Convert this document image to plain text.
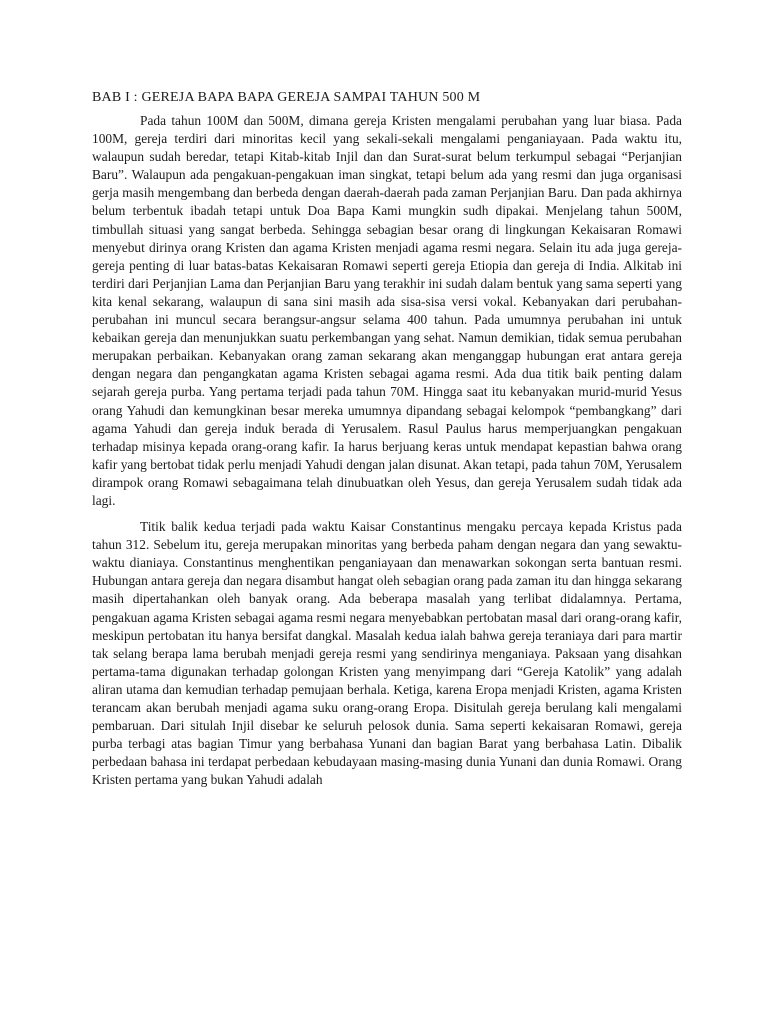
BAB I : GEREJA BAPA BAPA GEREJA SAMPAI TAHUN 500 M

Pada tahun 100M dan 500M, dimana gereja Kristen mengalami perubahan yang luar biasa. Pada 100M, gereja terdiri dari minoritas kecil yang sekali-sekali mengalami penganiayaan. Pada waktu itu, walaupun sudah beredar, tetapi Kitab-kitab Injil dan dan Surat-surat belum terkumpul sebagai “Perjanjian Baru”. Walaupun ada pengakuan-pengakuan iman singkat, tetapi belum ada yang resmi dan juga organisasi gerja masih mengembang dan berbeda dengan daerah-daerah pada zaman Perjanjian Baru. Dan pada akhirnya belum terbentuk ibadah tetapi untuk Doa Bapa Kami mungkin sudh dipakai. Menjelang tahun 500M, timbullah situasi yang sangat berbeda. Sehingga sebagian besar orang di lingkungan Kekaisaran Romawi menyebut dirinya orang Kristen dan agama Kristen menjadi agama resmi negara. Selain itu ada juga gereja-gereja penting di luar batas-batas Kekaisaran Romawi seperti gereja Etiopia dan gereja di India. Alkitab ini terdiri dari Perjanjian Lama dan Perjanjian Baru yang terakhir ini sudah dalam bentuk yang sama seperti yang kita kenal sekarang, walaupun di sana sini masih ada sisa-sisa versi vokal. Kebanyakan dari perubahan-perubahan ini muncul secara berangsur-angsur selama 400 tahun. Pada umumnya perubahan ini untuk kebaikan gereja dan menunjukkan suatu perkembangan yang sehat. Namun demikian, tidak semua perubahan merupakan perbaikan. Kebanyakan orang zaman sekarang akan menganggap hubungan erat antara gereja dengan negara dan pengangkatan agama Kristen sebagai agama resmi. Ada dua titik baik penting dalam sejarah gereja purba. Yang pertama terjadi pada tahun 70M. Hingga saat itu kebanyakan murid-murid Yesus orang Yahudi dan kemungkinan besar mereka umumnya dipandang sebagai kelompok “pembangkang” dari agama Yahudi dan gereja induk berada di Yerusalem. Rasul Paulus harus memperjuangkan pengakuan terhadap misinya kepada orang-orang kafir. Ia harus berjuang keras untuk mendapat kepastian bahwa orang kafir yang bertobat tidak perlu menjadi Yahudi dengan jalan disunat. Akan tetapi, pada tahun 70M, Yerusalem dirampok orang Romawi sebagaimana telah dinubuatkan oleh Yesus, dan gereja Yerusalem sudah tidak ada lagi.

Titik balik kedua terjadi pada waktu Kaisar Constantinus mengaku percaya kepada Kristus pada tahun 312. Sebelum itu, gereja merupakan minoritas yang berbeda paham dengan negara dan yang sewaktu-waktu dianiaya. Constantinus menghentikan penganiayaan dan menawarkan sokongan serta bantuan resmi. Hubungan antara gereja dan negara disambut hangat oleh sebagian orang pada zaman itu dan hingga sekarang masih dipertahankan oleh banyak orang. Ada beberapa masalah yang terlibat didalamnya. Pertama, pengakuan agama Kristen sebagai agama resmi negara menyebabkan pertobatan masal dari orang-orang kafir, meskipun pertobatan itu hanya bersifat dangkal. Masalah kedua ialah bahwa gereja teraniaya dari para martir tak selang berapa lama berubah menjadi gereja resmi yang sendirinya menganiaya. Paksaan yang disahkan pertama-tama digunakan terhadap golongan Kristen yang menyimpang dari “Gereja Katolik” yang adalah aliran utama dan kemudian terhadap pemujaan berhala. Ketiga, karena Eropa menjadi Kristen, agama Kristen terancam akan berubah menjadi agama suku orang-orang Eropa. Disitulah gereja berulang kali mengalami pembaruan. Dari situlah Injil disebar ke seluruh pelosok dunia. Sama seperti kekaisaran Romawi, gereja purba terbagi atas bagian Timur yang berbahasa Yunani dan bagian Barat yang berbahasa Latin. Dibalik perbedaan bahasa ini terdapat perbedaan kebudayaan masing-masing dunia Yunani dan dunia Romawi. Orang Kristen pertama yang bukan Yahudi adalah
